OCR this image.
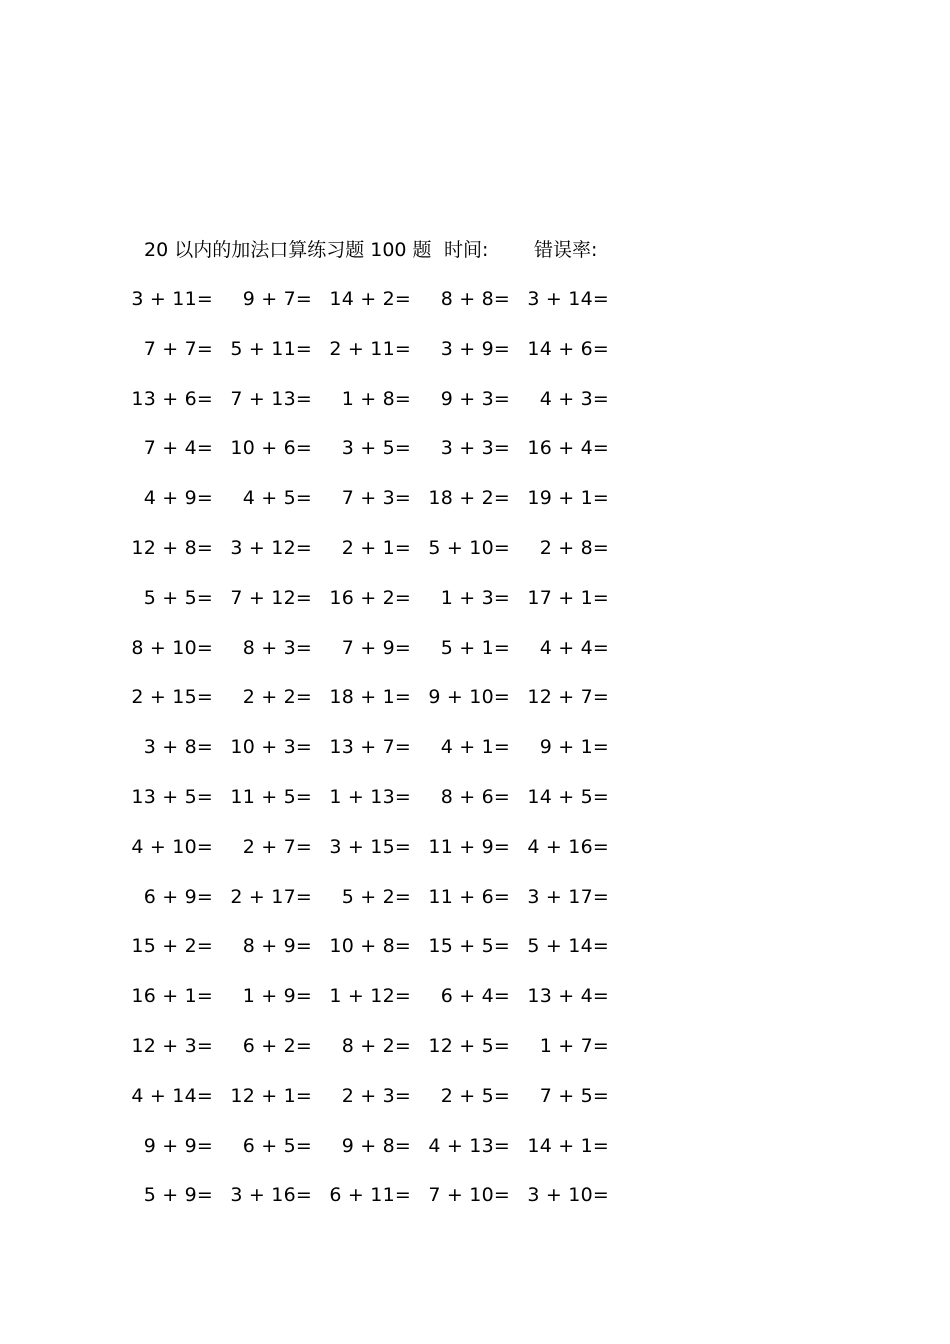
20 以内的加法口算练习题 100 题 时间: 错误率:
3 + 11= 9 + 7= 14 + 2= 8 + 8= 3 + 14=
7 + 7= 5 + 11= 2 + 11= 3 + 9= 14 + 6=
13 + 6= 7 + 13= 1 + 8= 9 + 3= 4 + 3=
7 + 4= 10 + 6= 3 + 5= 3 + 3= 16 + 4=
4 + 9= 4 + 5= 7 + 3= 18 + 2= 19 + 1=
12 + 8= 3 + 12= 2 + 1= 5 + 10= 2 + 8=
5 + 5= 7 + 12= 16 + 2= 1 + 3= 17 + 1=
8 + 10= 8 + 3= 7 + 9= 5 + 1= 4 + 4=
2 + 15= 2 + 2= 18 + 1= 9 + 10= 12 + 7=
3 + 8= 10 + 3= 13 + 7= 4 + 1= 9 + 1=
13 + 5= 11 + 5= 1 + 13= 8 + 6= 14 + 5=
4 + 10= 2 + 7= 3 + 15= 11 + 9= 4 + 16=
6 + 9= 2 + 17= 5 + 2= 11 + 6= 3 + 17=
15 + 2= 8 + 9= 10 + 8= 15 + 5= 5 + 14=
16 + 1= 1 + 9= 1 + 12= 6 + 4= 13 + 4=
12 + 3= 6 + 2= 8 + 2= 12 + 5= 1 + 7=
4 + 14= 12 + 1= 2 + 3= 2 + 5= 7 + 5=
9 + 9= 6 + 5= 9 + 8= 4 + 13= 14 + 1=
5 + 9= 3 + 16= 6 + 11= 7 + 10= 3 + 10=
